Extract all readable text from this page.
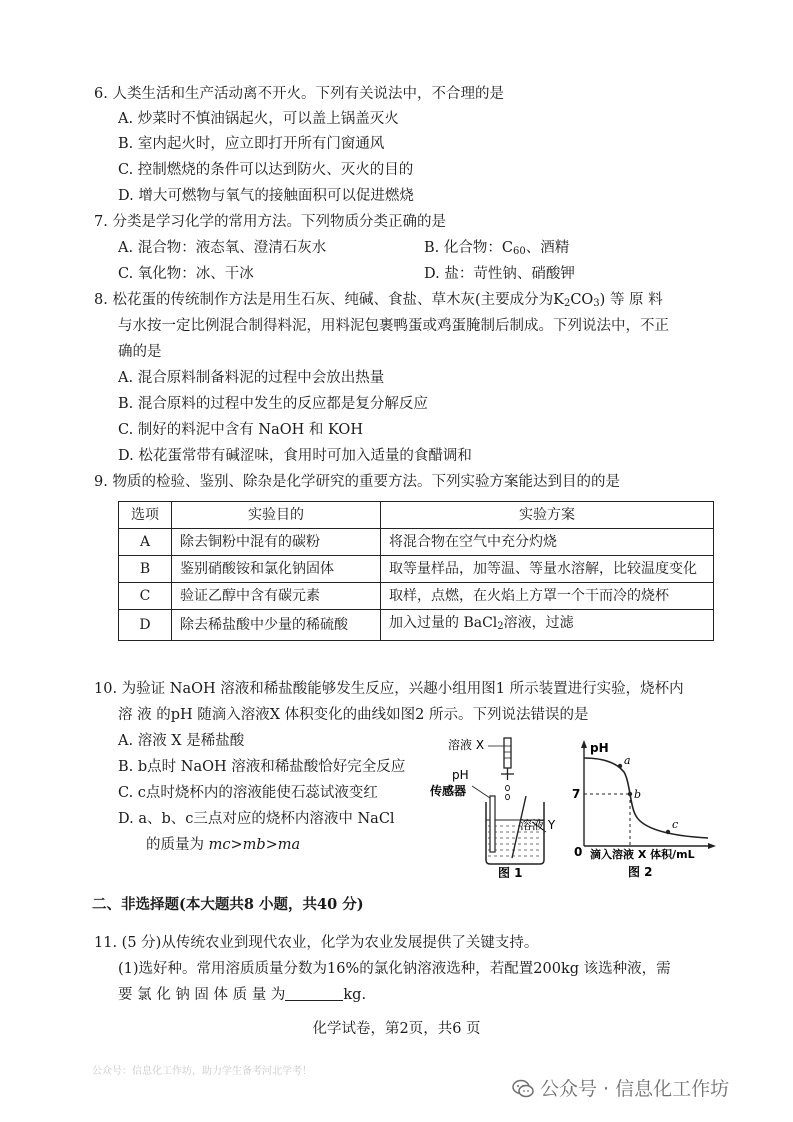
6. 人类生活和生产活动离不开火。下列有关说法中，不合理的是
A. 炒菜时不慎油锅起火，可以盖上锅盖灭火
B. 室内起火时，应立即打开所有门窗通风
C. 控制燃烧的条件可以达到防火、灭火的目的
D. 增大可燃物与氧气的接触面积可以促进燃烧
7. 分类是学习化学的常用方法。下列物质分类正确的是
A. 混合物：液态氧、澄清石灰水	B. 化合物：$C_{60}$、酒精
C. 氧化物：冰、干冰	D. 盐：苛性钠、硝酸钾
8. 松花蛋的传统制作方法是用生石灰、纯碱、食盐、草木灰(主要成分为$K_2CO_3$) 等 原 料
与水按一定比例混合制得料泥，用料泥包裹鸭蛋或鸡蛋腌制后制成。下列说法中，不正
确的是
A. 混合原料制备料泥的过程中会放出热量
B. 混合原料的过程中发生的反应都是复分解反应
C. 制好的料泥中含有 NaOH 和 KOH
D. 松花蛋常带有碱涩味，食用时可加入适量的食醋调和
9. 物质的检验、鉴别、除杂是化学研究的重要方法。下列实验方案能达到目的的是
选项	实验目的	实验方案
A	除去铜粉中混有的碳粉	将混合物在空气中充分灼烧
B	鉴别硝酸铵和氯化钠固体	取等量样品，加等温、等量水溶解，比较温度变化
C	验证乙醇中含有碳元素	取样，点燃，在火焰上方罩一个干而冷的烧杯
D	除去稀盐酸中少量的稀硫酸	加入过量的 BaCl$_2$溶液，过滤
10. 为验证 NaOH 溶液和稀盐酸能够发生反应，兴趣小组用图1 所示装置进行实验，烧杯内
溶 液 的pH 随滴入溶液X 体积变化的曲线如图2 所示。下列说法错误的是
A. 溶液 X 是稀盐酸
B. b点时 NaOH 溶液和稀盐酸恰好完全反应
C. c点时烧杯内的溶液能使石蕊试液变红
D. a、b、c三点对应的烧杯内溶液中 NaCl
的质量为 mc>mb>ma
溶液 X
pH
传感器
溶液 Y
图 1
pH
7
0
a
b
c
滴入溶液 X 体积/mL
图 2
二、非选择题(本大题共8 小题，共40 分)
11. (5 分)从传统农业到现代农业，化学为农业发展提供了关键支持。
(1)选好种。常用溶质质量分数为16%的氯化钠溶液选种，若配置200kg 该选种液，需
要 氯 化 钠 固 体 质 量 为	kg.
化学试卷，第2页，共6 页
公众号：信息化工作坊，助力学生备考河北学考！
公众号 · 信息化工作坊
